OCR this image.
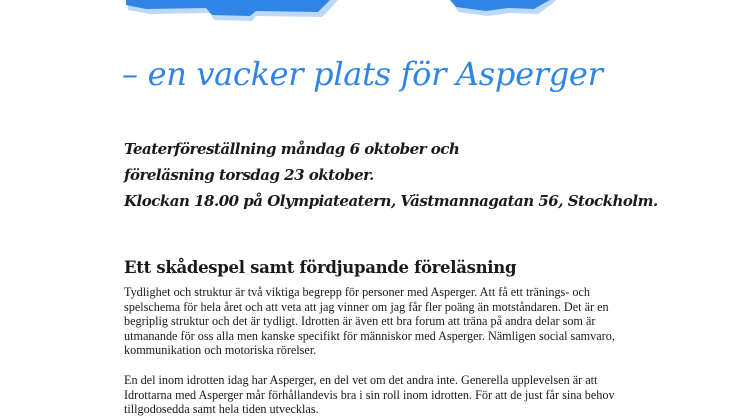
– en vacker plats för Asperger
Teaterföreställning måndag 6 oktober och
föreläsning torsdag 23 oktober.
Klockan 18.00 på Olympiateatern, Västmannagatan 56, Stockholm.
Ett skådespel samt fördjupande föreläsning

Tydlighet och struktur är två viktiga begrepp för personer med Asperger. Att få ett tränings- och
spelschema för hela året och att veta att jag vinner om jag får fler poäng än motståndaren. Det är en
begriplig struktur och det är tydligt. Idrotten är även ett bra forum att träna på andra delar som är
utmanande för oss alla men kanske specifikt för människor med Asperger. Nämligen social samvaro,
kommunikation och motoriska rörelser.

En del inom idrotten idag har Asperger, en del vet om det andra inte. Generella upplevelsen är att
Idrottarna med Asperger mår förhållandevis bra i sin roll inom idrotten. För att de just får sina behov
tillgodosedda samt hela tiden utvecklas.
